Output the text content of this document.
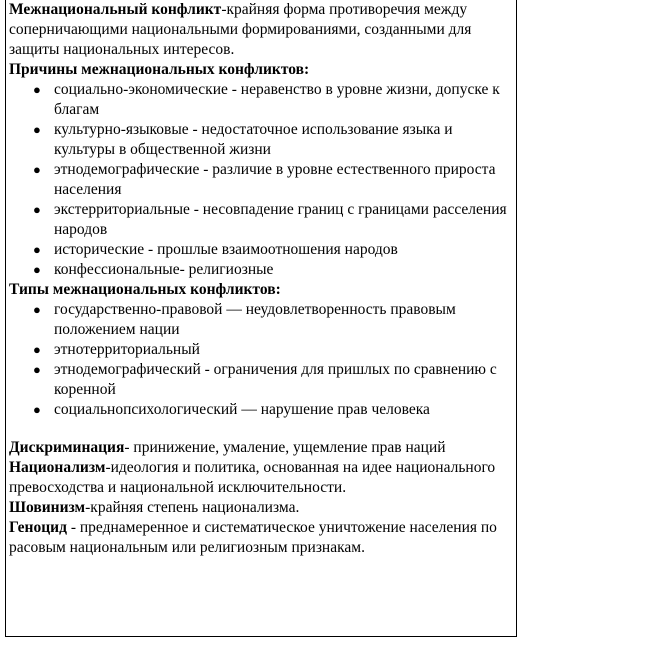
Межнациональный конфликт-крайняя форма противоречия между соперничающими национальными формированиями, созданными для защиты национальных интересов.

Причины межнациональных конфликтов:

● социально-экономические - неравенство в уровне жизни, допуске к благам
● культурно-языковые - недостаточное использование языка и культуры в общественной жизни
● этнодемографические - различие в уровне естественного прироста населения
● экстерриториальные - несовпадение границ с границами расселения народов
● исторические - прошлые взаимоотношения народов
● конфессиональные- религиозные

Типы межнациональных конфликтов:

● государственно-правовой — неудовлетворенность правовым положением нации
● этнотерриториальный
● этнодемографический - ограничения для пришлых по сравнению с коренной
● социальнопсихологический — нарушение прав человека

Дискриминация- принижение, умаление, ущемление прав наций

Национализм-идеология и политика, основанная на идее национального превосходства и национальной исключительности.

Шовинизм-крайняя степень национализма.

Геноцид - преднамеренное и систематическое уничтожение населения по расовым национальным или религиозным признакам.
